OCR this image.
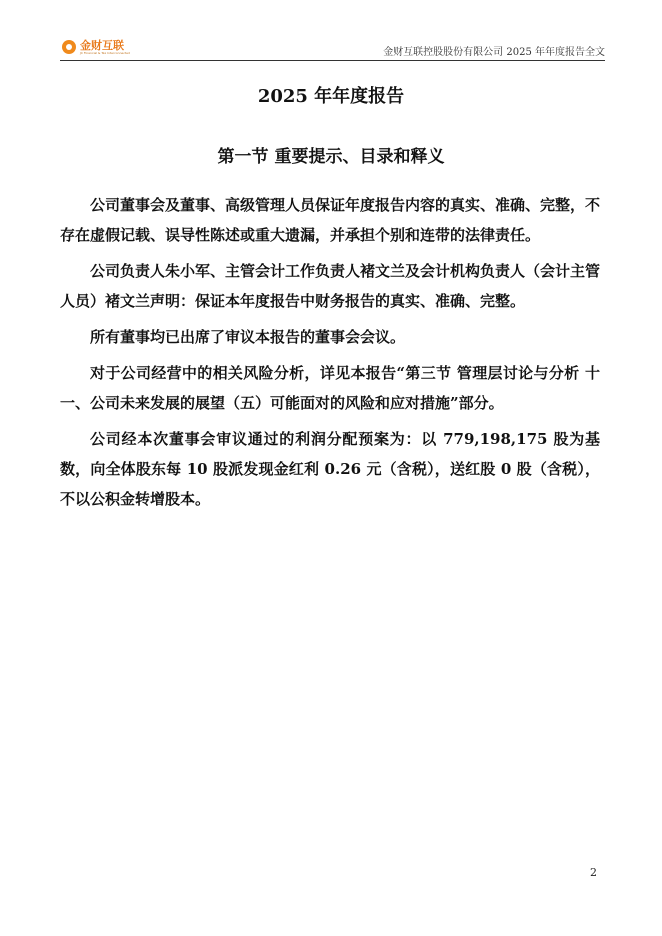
金财互联
JC Financial & Tax Interconnected	金财互联控股股份有限公司 2025 年年度报告全文
2025 年年度报告
第一节 重要提示、目录和释义

公司董事会及董事、高级管理人员保证年度报告内容的真实、准确、完整，不存在虚假记载、误导性陈述或重大遗漏，并承担个别和连带的法律责任。

公司负责人朱小军、主管会计工作负责人褚文兰及会计机构负责人（会计主管人员）褚文兰声明：保证本年度报告中财务报告的真实、准确、完整。

所有董事均已出席了审议本报告的董事会会议。

对于公司经营中的相关风险分析，详见本报告“第三节 管理层讨论与分析 十一、公司未来发展的展望（五）可能面对的风险和应对措施”部分。

公司经本次董事会审议通过的利润分配预案为：以 779,198,175 股为基数，向全体股东每 10 股派发现金红利 0.26 元（含税），送红股 0 股（含税），不以公积金转增股本。

2
